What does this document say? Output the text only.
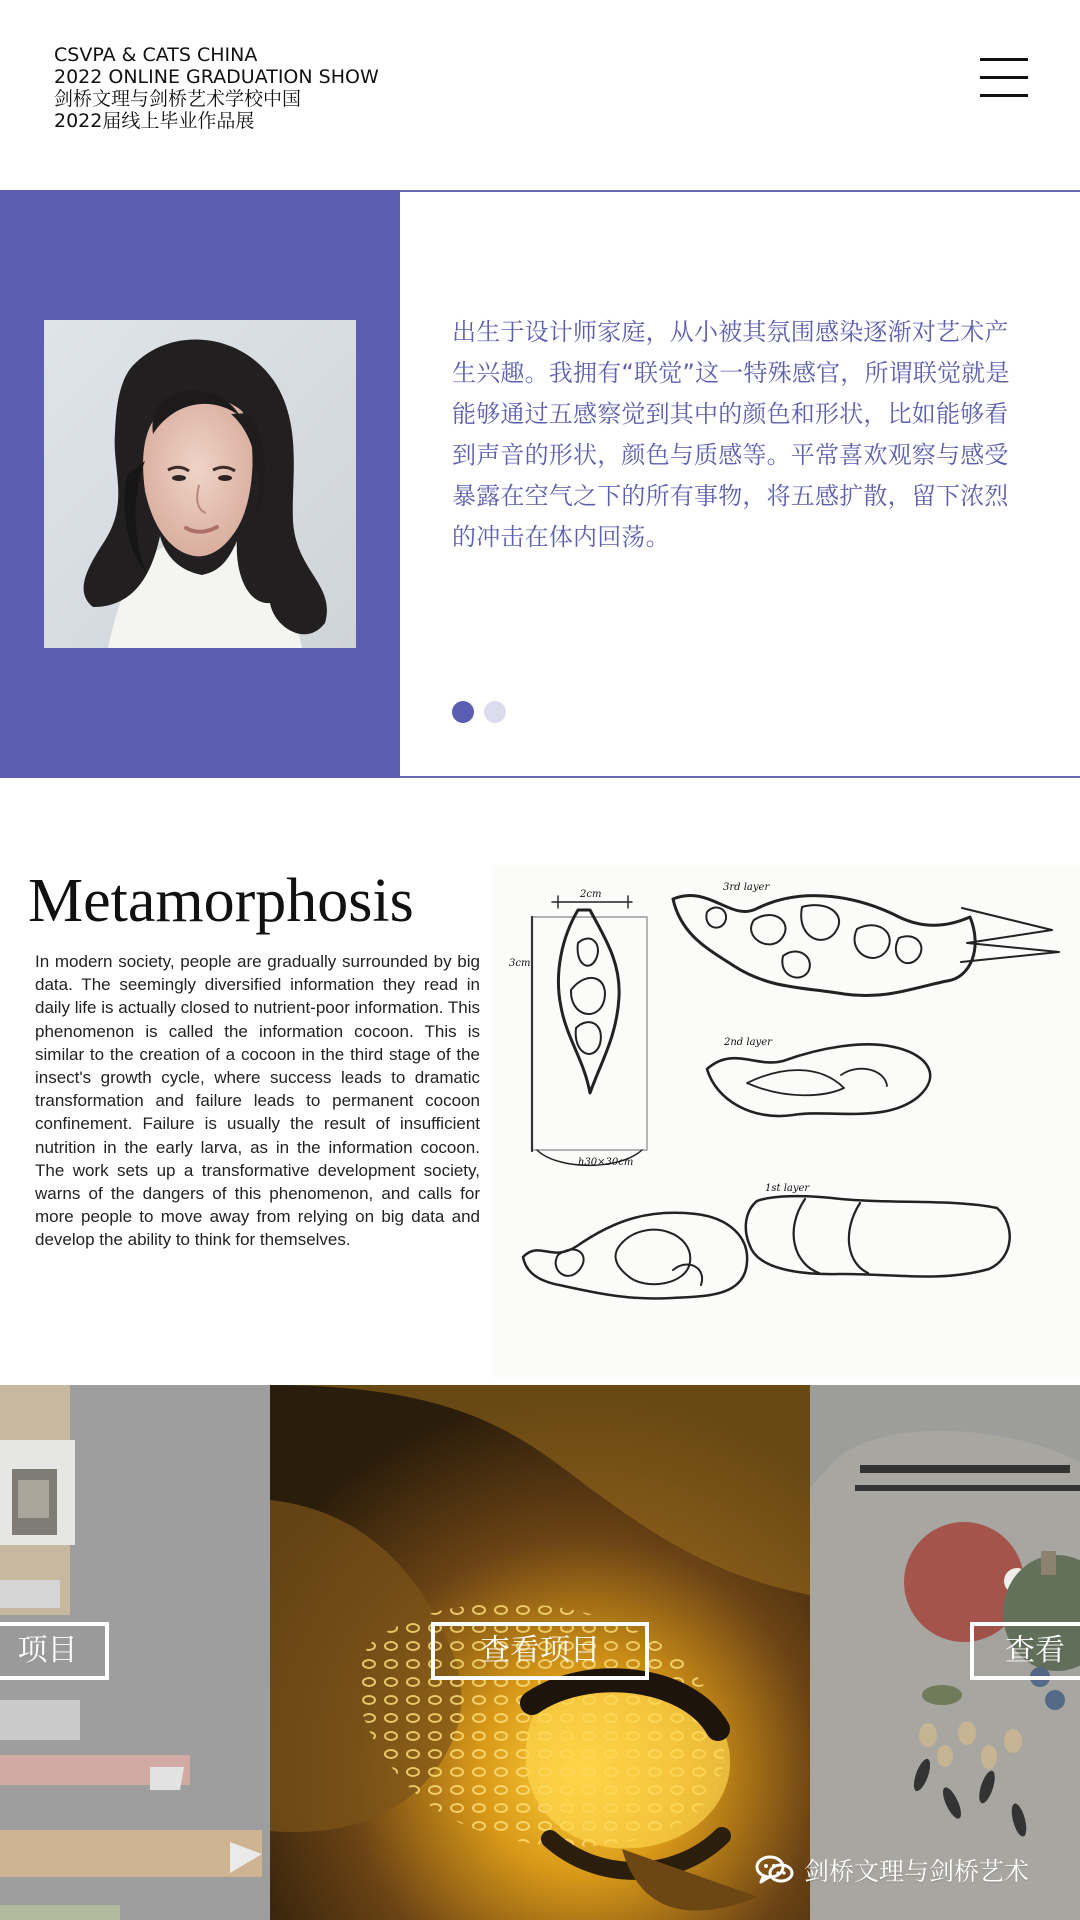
CSVPA & CATS CHINA
2022 ONLINE GRADUATION SHOW
剑桥文理与剑桥艺术学校中国
2022届线上毕业作品展
出生于设计师家庭，从小被其氛围感染逐渐对艺术产生兴趣。我拥有“联觉”这一特殊感官，所谓联觉就是能够通过五感察觉到其中的颜色和形状，比如能够看到声音的形状，颜色与质感等。平常喜欢观察与感受暴露在空气之下的所有事物，将五感扩散，留下浓烈的冲击在体内回荡。
Metamorphosis
In modern society, people are gradually surrounded by big data. The seemingly diversified information they read in daily life is actually closed to nutrient-poor information. This phenomenon is called the information cocoon. This is similar to the creation of a cocoon in the third stage of the insect's growth cycle, where success leads to dramatic transformation and failure leads to permanent cocoon confinement. Failure is usually the result of insufficient nutrition in the early larva, as in the information cocoon. The work sets up a transformative development society, warns of the dangers of this phenomenon, and calls for more people to move away from relying on big data and develop the ability to think for themselves.
2cm
3cm
h30×30cm
2nd layer
1st layer
3rd layer
项目	查看项目	查看
剑桥文理与剑桥艺术
